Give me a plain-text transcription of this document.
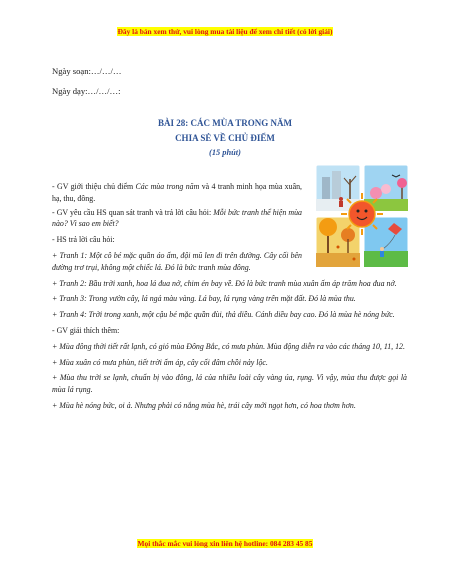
Đây là bản xem thử, vui lòng mua tài liệu để xem chi tiết (có lời giải)
Ngày soạn:…/…/…
Ngày dạy:…/…/…:
BÀI 28: CÁC MÙA TRONG NĂM
CHIA SẺ VỀ CHỦ ĐIỂM
(15 phút)

- GV giới thiệu chủ điểm Các mùa trong năm và 4 tranh minh họa mùa xuân, hạ, thu, đông.

- GV yêu cầu HS quan sát tranh và trả lời câu hỏi: Mỗi bức tranh thể hiện mùa nào? Vì sao em biết?

- HS trả lời câu hỏi:

+ Tranh 1: Một cô bé mặc quần áo ấm, đội mũ len đi trên đường. Cây cối bên đường trơ trụi, không một chiếc lá. Đó là bức tranh mùa đông.

+ Tranh 2: Bầu trời xanh, hoa lá đua nở, chim én bay về. Đó là bức tranh mùa xuân ấm áp trăm hoa đua nở.

+ Tranh 3: Trong vườn cây, lá ngả màu vàng. Lá bay, lá rụng vàng trên mặt đất. Đó là mùa thu.

+ Tranh 4: Trời trong xanh, một cậu bé mặc quần đùi, thả diều. Cánh diều bay cao. Đó là mùa hè nóng bức.

- GV giải thích thêm:

+ Mùa đông thời tiết rất lạnh, có gió mùa Đông Bắc, có mưa phùn. Mùa động diễn ra vào các tháng 10, 11, 12.

+ Mùa xuân có mưa phùn, tiết trời ấm áp, cây cối đâm chồi nảy lộc.

+ Mùa thu trời se lạnh, chuẩn bị vào đông, lá của nhiều loài cây vàng úa, rụng. Vì vậy, mùa thu được gọi là mùa lá rụng.

+ Mùa hè nóng bức, oi ả. Nhưng phải có nắng mùa hè, trái cây mới ngọt hơn, có hoa thơm hơn.

Mọi thắc mắc vui lòng xin liên hệ hotline: 084 283 45 85
